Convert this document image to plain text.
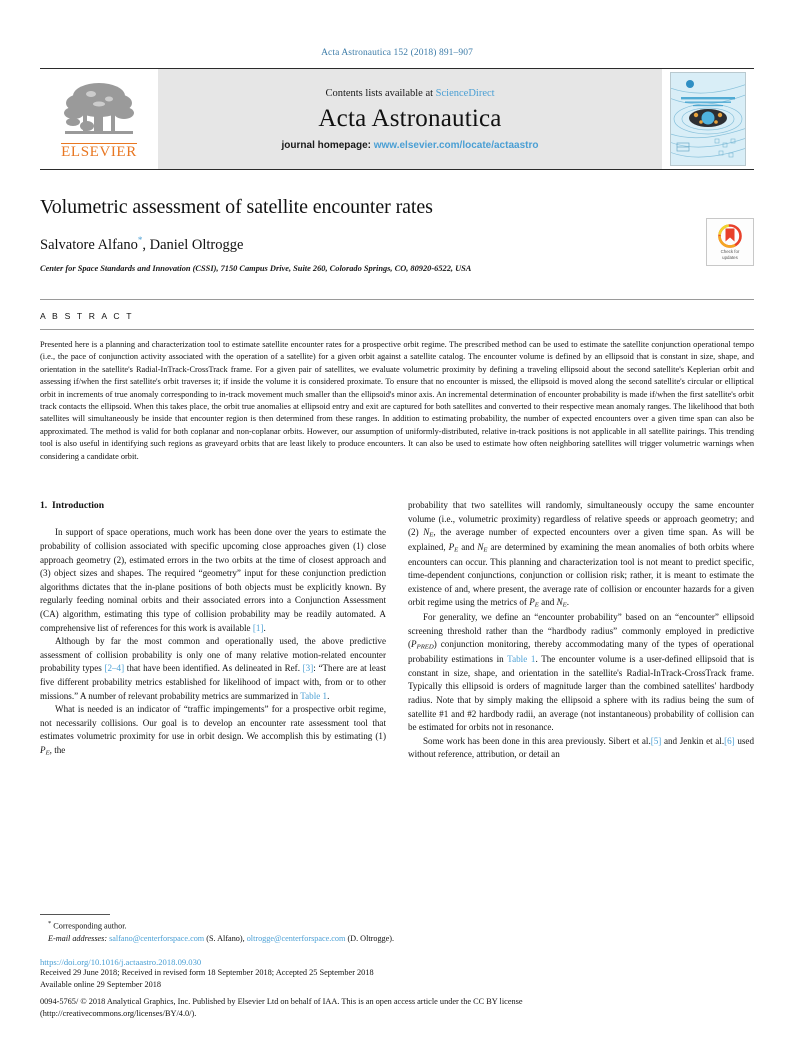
Acta Astronautica 152 (2018) 891–907
ELSEVIER
Contents lists available at ScienceDirect
Acta Astronautica
journal homepage: www.elsevier.com/locate/actaastro
Volumetric assessment of satellite encounter rates
Salvatore Alfano*, Daniel Oltrogge
Center for Space Standards and Innovation (CSSI), 7150 Campus Drive, Suite 260, Colorado Springs, CO, 80920-6522, USA
Check for
updates
A B S T R A C T
Presented here is a planning and characterization tool to estimate satellite encounter rates for a prospective orbit regime. The prescribed method can be used to estimate the satellite conjunction operational tempo (i.e., the pace of conjunction activity associated with the operation of a satellite) for a given orbit against a satellite catalog. The encounter volume is defined by an ellipsoid that is constant in size, shape, and orientation in the satellite's Radial-InTrack-CrossTrack frame. For a given pair of satellites, we evaluate volumetric proximity by defining a traveling ellipsoid about the second satellite's Keplerian orbit and assessing if/when the first satellite's orbit traverses it; if inside the volume it is considered proximate. To ensure that no encounter is missed, the ellipsoid is moved along the second satellite's circular or elliptical orbit in increments of true anomaly corresponding to in-track movement much smaller than the ellipsoid's minor axis. An incremental determination of encounter probability is made if/when the first satellite's orbit track contacts the ellipsoid. When this takes place, the orbit true anomalies at ellipsoid entry and exit are captured for both satellites and converted to their respective mean anomaly ranges. The likelihood that both satellites will simultaneously be inside that encounter region is then determined from these ranges. In addition to estimating probability, the number of expected encounters over a given time span can also be approximated. The method is valid for both coplanar and non-coplanar orbits. However, our assumption of uniformly-distributed, relative in-track positions is not applicable in all satellite pairings. This trending tool is also useful in identifying such regions as graveyard orbits that are least likely to produce encounters. It can also be used to estimate how often neighboring satellites will trigger volumetric warnings when considering a candidate orbit.
1. Introduction

In support of space operations, much work has been done over the years to estimate the probability of collision associated with specific upcoming close approaches given (1) close approach geometry (2), estimated errors in the two orbits at the time of closest approach and (3) object sizes and shapes. The required “geometry” input for these conjunction prediction algorithms dictates that the in-plane positions of both objects must be explicitly known. By regularly feeding nominal orbits and their associated errors into a Conjunction Assessment (CA) algorithm, estimating this type of collision probability may be readily automated. A comprehensive list of references for this work is available [1].

Although by far the most common and operationally used, the above predictive assessment of collision probability is only one of many relative motion-related encounter probability types [2–4] that have been identified. As delineated in Ref. [3]: “There are at least five different probability metrics established for likelihood of impact with, from or to other missions.” A number of relevant probability metrics are summarized in Table 1.

What is needed is an indicator of “traffic impingements” for a prospective orbit regime, not necessarily collisions. Our goal is to develop an encounter rate assessment tool that estimates volumetric proximity for use in orbit design. We accomplish this by estimating (1) $P_E$, the

probability that two satellites will randomly, simultaneously occupy the same encounter volume (i.e., volumetric proximity) regardless of relative speeds or approach geometry; and (2) $N_E$, the average number of expected encounters over a given time span. As will be explained, $P_E$ and $N_E$ are determined by examining the mean anomalies of both orbits where encounters can occur. This planning and characterization tool is not meant to predict specific, time-dependent conjunctions, conjunction or collision risk; rather, it is meant to estimate the existence of and, where present, the average rate of collision or encounter hazards for a given orbit regime using the metrics of $P_E$ and $N_E$.

For generality, we define an “encounter probability” based on an “encounter” ellipsoid screening threshold rather than the “hardbody radius” commonly employed in predictive $(P_{PRED})$ conjunction monitoring, thereby accommodating many of the types of operational probability estimations in Table 1. The encounter volume is a user-defined ellipsoid that is constant in size, shape, and orientation in the satellite's Radial-InTrack-CrossTrack frame. Typically this ellipsoid is orders of magnitude larger than the combined satellites' hardbody radius. Note that by simply making the ellipsoid a sphere with its radius being the sum of satellite #1 and #2 hardbody radii, an average (not instantaneous) probability of collision can be estimated for orbits not in resonance.

Some work has been done in this area previously. Sibert et al.[5] and Jenkin et al.[6] used without reference, attribution, or detail an

* Corresponding author.
E-mail addresses: salfano@centerforspace.com (S. Alfano), oltrogge@centerforspace.com (D. Oltrogge).
https://doi.org/10.1016/j.actaastro.2018.09.030
Received 29 June 2018; Received in revised form 18 September 2018; Accepted 25 September 2018
Available online 29 September 2018
0094-5765/ © 2018 Analytical Graphics, Inc. Published by Elsevier Ltd on behalf of IAA. This is an open access article under the CC BY license
(http://creativecommons.org/licenses/BY/4.0/).
